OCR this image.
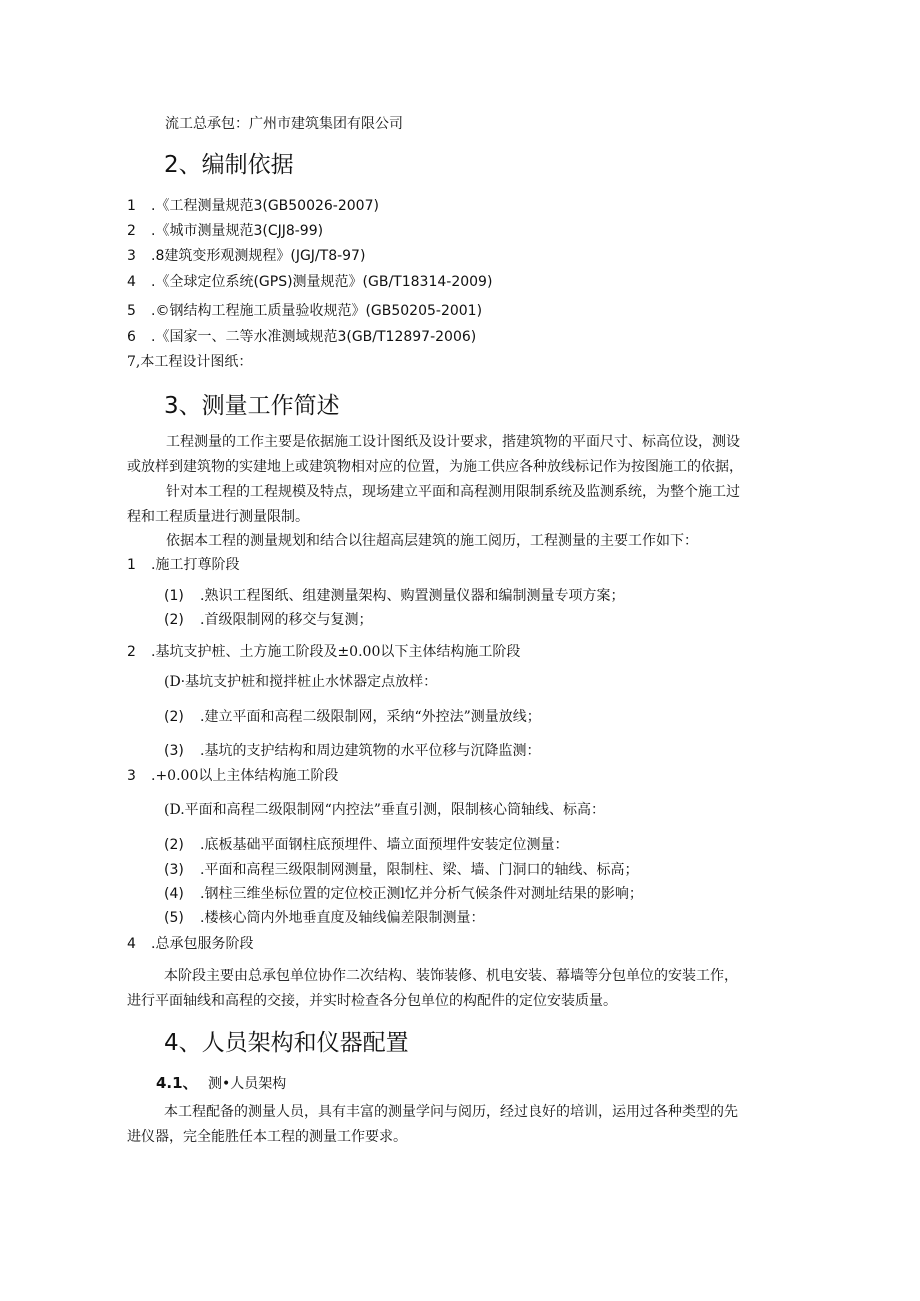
流工总承包：广州市建筑集团有限公司
2、编制依据
1 .《工程测量规范3(GB50026-2007)
2 .《城市测量规范3(CJJ8-99)
3 .8建筑变形观测规程》(JGJ/T8-97)
4 .《全球定位系统(GPS)测量规范》(GB/T18314-2009)
5 .©钢结构工程施工质量验收规范》(GB50205-2001)
6 .《国家一、二等水准测域规范3(GB/T12897-2006)
7,本工程设计图纸：
3、测量工作简述
工程测量的工作主要是依据施工设计图纸及设计要求，揩建筑物的平面尺寸、标高位设，测设
或放样到建筑物的实建地上或建筑物相对应的位置，为施工供应各种放线标记作为按图施工的依据，
针对本工程的工程规模及特点，现场建立平面和高程测用限制系统及监测系统，为整个施工过
程和工程质量进行测量限制。
依据本工程的测量规划和结合以往超高层建筑的施工阅历，工程测量的主要工作如下：
1 .施工打尊阶段
(1) .熟识工程图纸、组建测量架构、购置测量仪器和编制测量专项方案；
(2) .首级限制网的移交与复测；
2 .基坑支护桩、土方施工阶段及±0.00以下主体结构施工阶段
(D·基坑支护桩和搅拌桩止水怵器定点放样：
(2) .建立平面和高程二级限制网，采纳“外控法”测量放线；
(3) .基坑的支护结构和周边建筑物的水平位移与沉降监测：
3 .+0.00以上主体结构施工阶段
(D.平面和高程二级限制网“内控法”垂直引测，限制核心筒轴线、标高：
(2) .底板基础平面钢柱底预埋件、墙立面预埋件安装定位测量：
(3) .平面和高程三级限制网测量，限制柱、梁、墙、门洞口的轴线、标高；
(4) .钢柱三维坐标位置的定位校正测l忆并分析气候条件对测址结果的影响；
(5) .楼核心筒内外地垂直度及轴线偏差限制测量：
4 .总承包服务阶段
本阶段主要由总承包单位协作二次结构、装饰装修、机电安装、幕墙等分包单位的安装工作，
进行平面轴线和高程的交接，并实时检查各分包单位的构配件的定位安装质量。
4、人员架构和仪器配置
4.1、 测•人员架构
本工程配备的测量人员，具有丰富的测量学问与阅历，经过良好的培训，运用过各种类型的先
进仪器，完全能胜任本工程的测量工作要求。
